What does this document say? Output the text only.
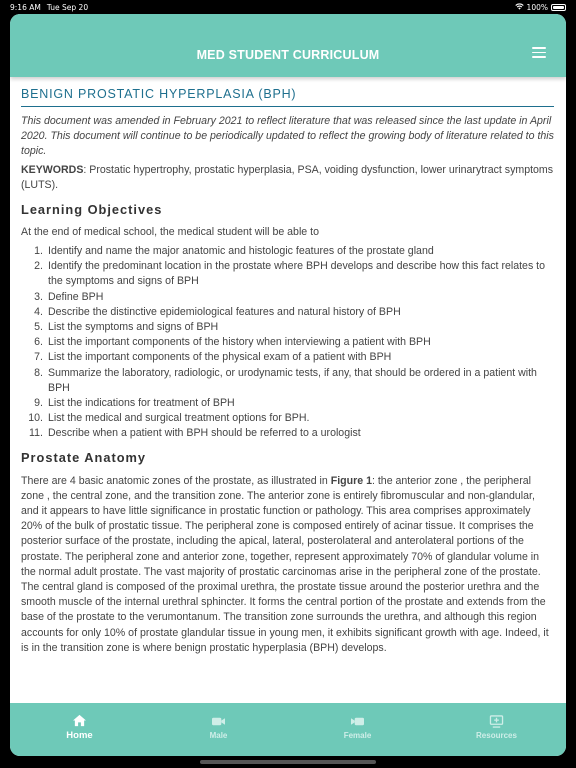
9:16 AM Tue Sep 20	100%
MED STUDENT CURRICULUM
BENIGN PROSTATIC HYPERPLASIA (BPH)

This document was amended in February 2021 to reflect literature that was released since the last update in April 2020. This document will continue to be periodically updated to reflect the growing body of literature related to this topic.

KEYWORDS: Prostatic hypertrophy, prostatic hyperplasia, PSA, voiding dysfunction, lower urinarytract symptoms (LUTS).

Learning Objectives

At the end of medical school, the medical student will be able to

1. Identify and name the major anatomic and histologic features of the prostate gland
2. Identify the predominant location in the prostate where BPH develops and describe how this fact relates to the symptoms and signs of BPH
3. Define BPH
4. Describe the distinctive epidemiological features and natural history of BPH
5. List the symptoms and signs of BPH
6. List the important components of the history when interviewing a patient with BPH
7. List the important components of the physical exam of a patient with BPH
8. Summarize the laboratory, radiologic, or urodynamic tests, if any, that should be ordered in a patient with BPH
9. List the indications for treatment of BPH
10. List the medical and surgical treatment options for BPH.
11. Describe when a patient with BPH should be referred to a urologist
Prostate Anatomy

There are 4 basic anatomic zones of the prostate, as illustrated in Figure 1: the anterior zone , the peripheral zone , the central zone, and the transition zone. The anterior zone is entirely fibromuscular and non-glandular, and it appears to have little significance in prostatic function or pathology. This area comprises approximately 20% of the bulk of prostatic tissue. The peripheral zone is composed entirely of acinar tissue. It comprises the posterior surface of the prostate, including the apical, lateral, posterolateral and anterolateral portions of the prostate. The peripheral zone and anterior zone, together, represent approximately 70% of glandular volume in the normal adult prostate. The vast majority of prostatic carcinomas arise in the peripheral zone of the prostate. The central gland is composed of the proximal urethra, the prostate tissue around the posterior urethra and the smooth muscle of the internal urethral sphincter. It forms the central portion of the prostate and extends from the base of the prostate to the verumontanum. The transition zone surrounds the urethra, and although this region accounts for only 10% of prostate glandular tissue in young men, it exhibits significant growth with age. Indeed, it is in the transition zone is where benign prostatic hyperplasia (BPH) develops.

Home	Male	Female	Resources
